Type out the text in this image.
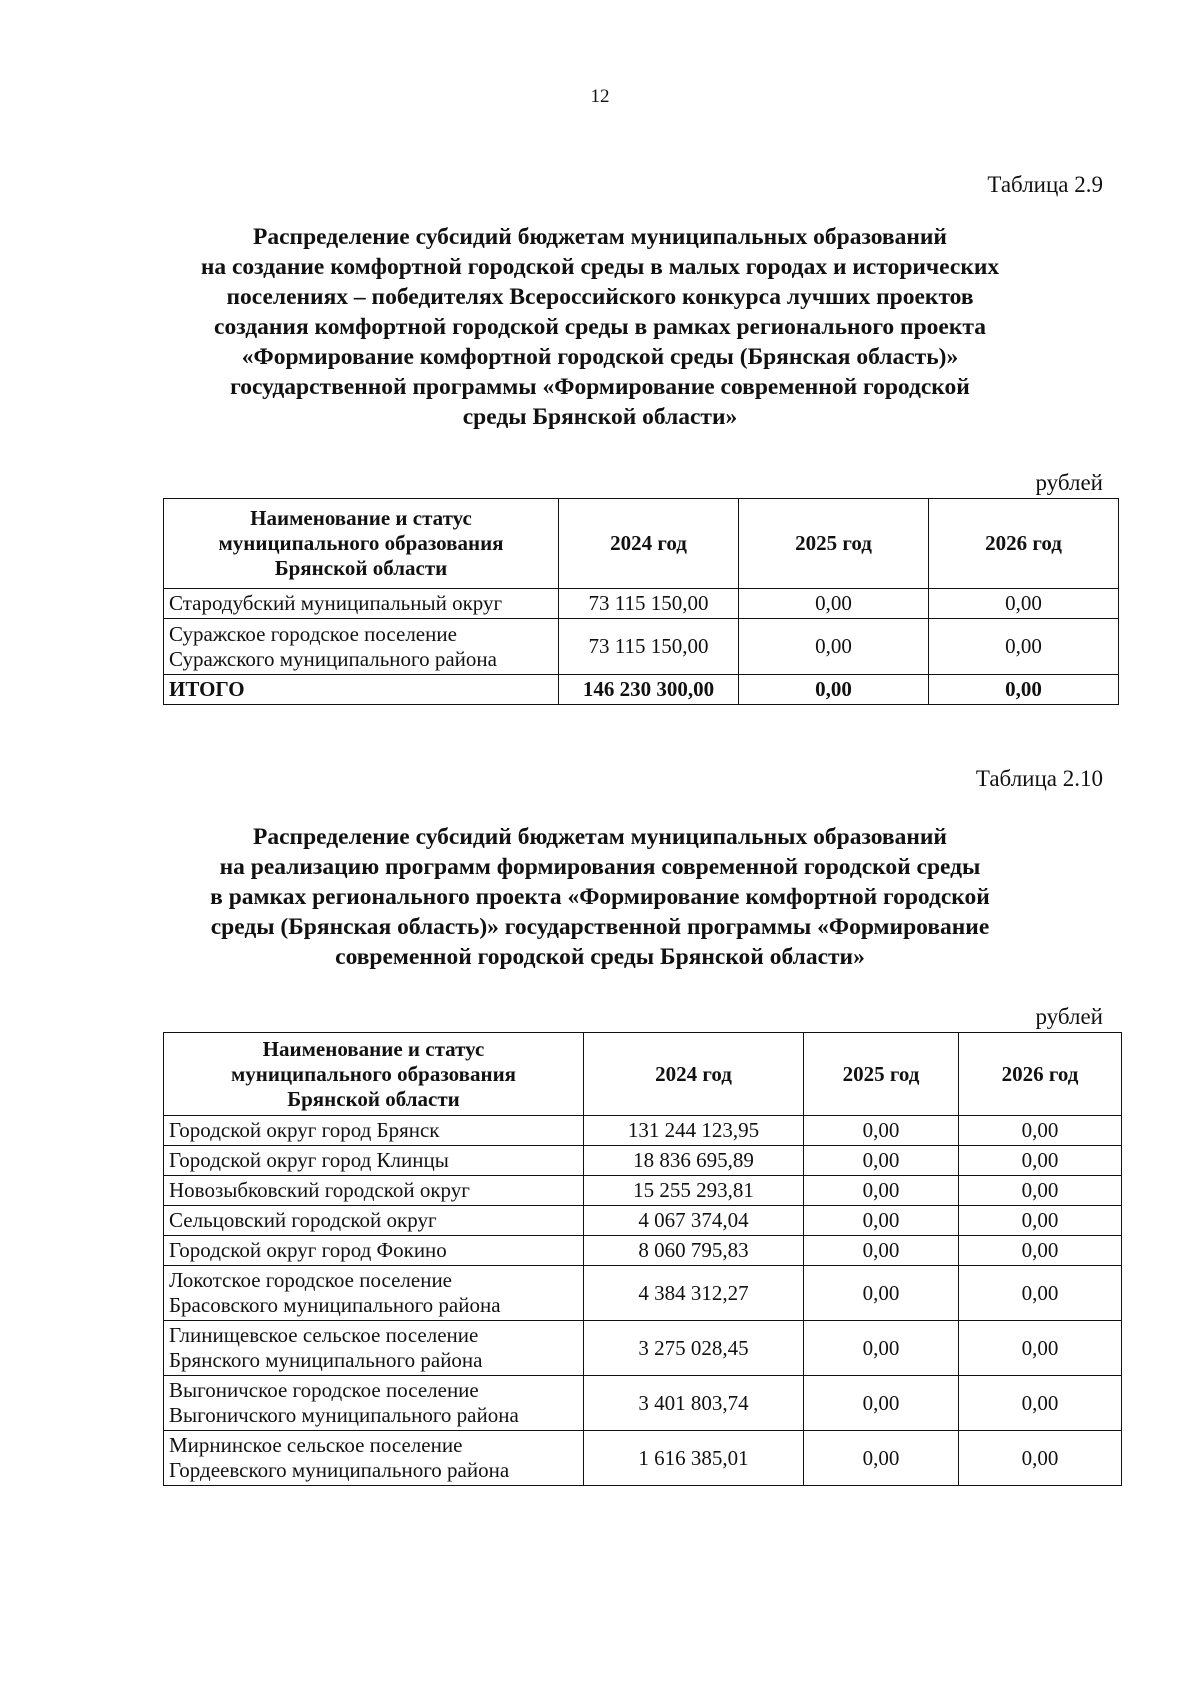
12
Таблица 2.9
Распределение субсидий бюджетам муниципальных образований
на создание комфортной городской среды в малых городах и исторических
поселениях – победителях Всероссийского конкурса лучших проектов
создания комфортной городской среды в рамках регионального проекта
«Формирование комфортной городской среды (Брянская область)»
государственной программы «Формирование современной городской
среды Брянской области»
рублей
Наименование и статус
муниципального образования
Брянской области	2024 год	2025 год	2026 год

Стародубский муниципальный округ	73 115 150,00	0,00	0,00

Суражское городское поселение
Суражского муниципального района	73 115 150,00	0,00	0,00
ИТОГО	146 230 300,00	0,00	0,00
Таблица 2.10
Распределение субсидий бюджетам муниципальных образований
на реализацию программ формирования современной городской среды
в рамках регионального проекта «Формирование комфортной городской
среды (Брянская область)» государственной программы «Формирование
современной городской среды Брянской области»
рублей
Наименование и статус
муниципального образования
Брянской области	2024 год	2025 год	2026 год

Городской округ город Брянск	131 244 123,95	0,00	0,00

Городской округ город Клинцы	18 836 695,89	0,00	0,00

Новозыбковский городской округ	15 255 293,81	0,00	0,00

Сельцовский городской округ	4 067 374,04	0,00	0,00

Городской округ город Фокино	8 060 795,83	0,00	0,00

Локотское городское поселение
Брасовского муниципального района	4 384 312,27	0,00	0,00

Глинищевское сельское поселение
Брянского муниципального района	3 275 028,45	0,00	0,00

Выгоничское городское поселение
Выгоничского муниципального района	3 401 803,74	0,00	0,00

Мирнинское сельское поселение
Гордеевского муниципального района	1 616 385,01	0,00	0,00
